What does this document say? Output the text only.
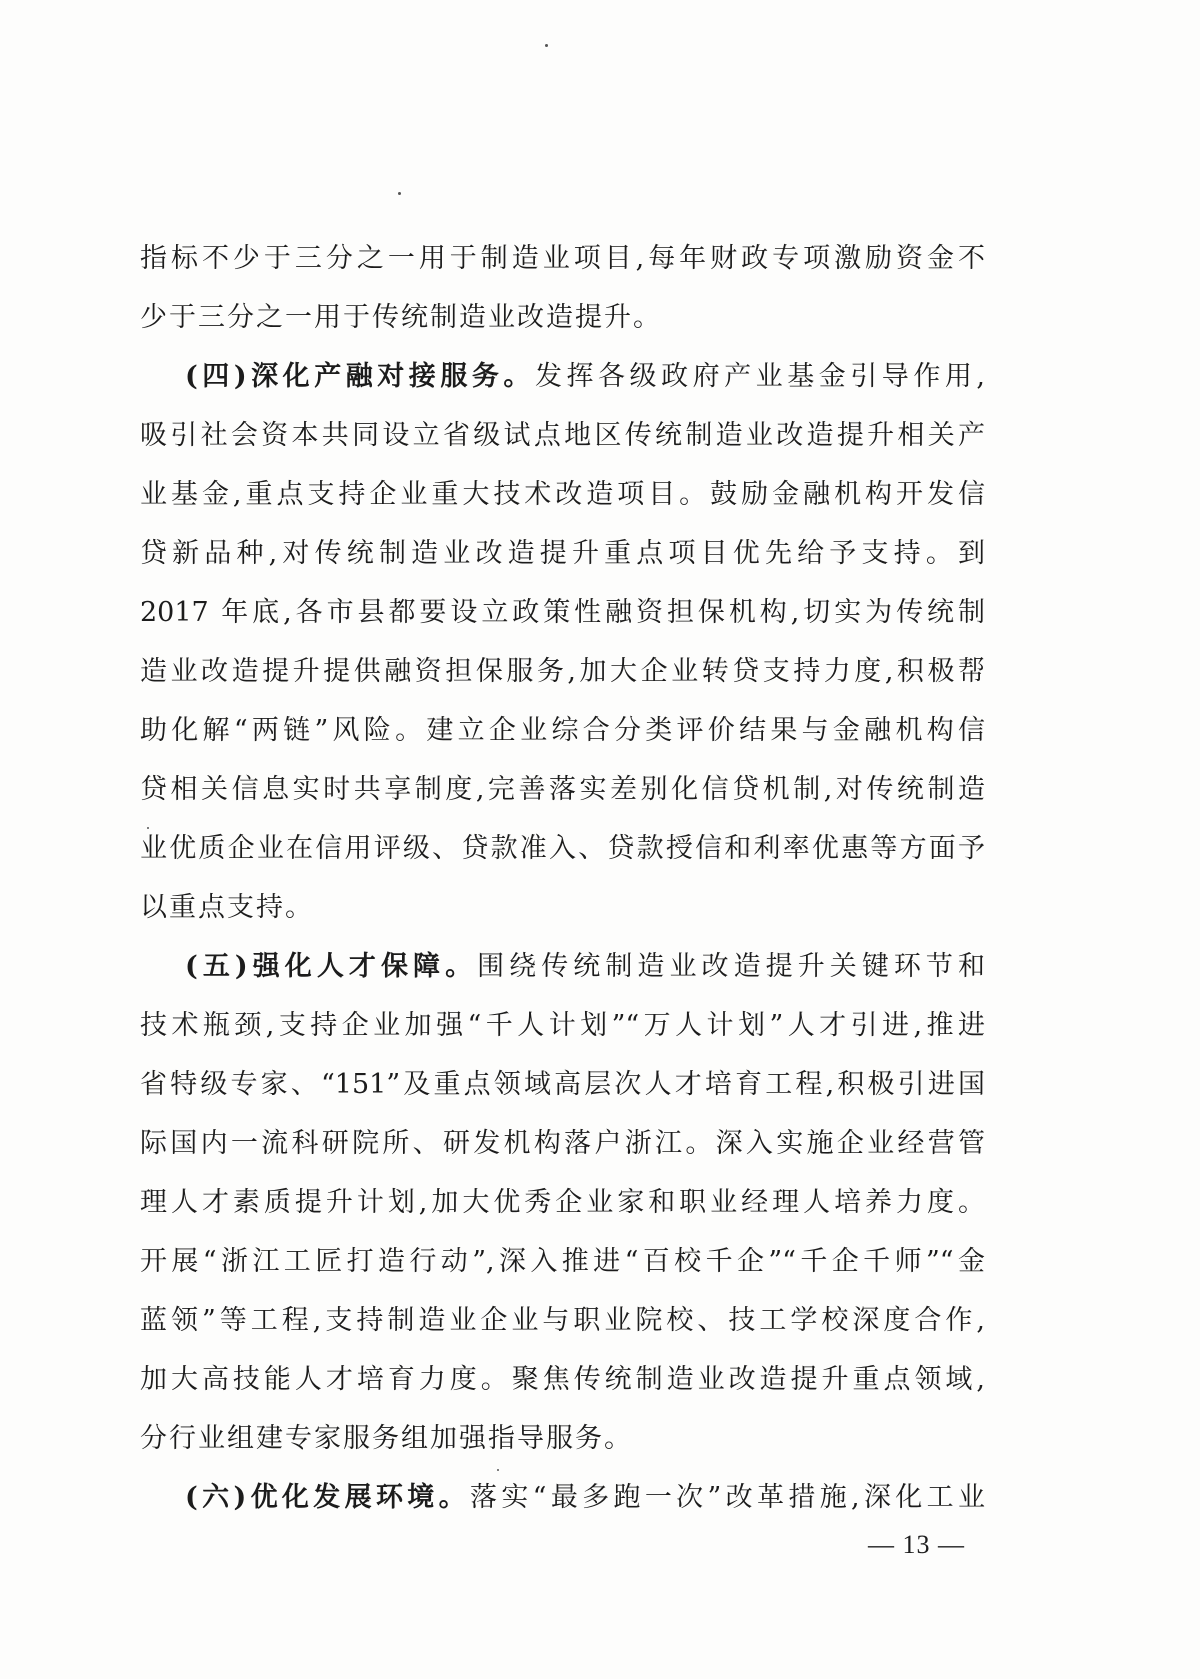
指标不少于三分之一用于制造业项目,每年财政专项激励资金不
少于三分之一用于传统制造业改造提升。
(四)深化产融对接服务。发挥各级政府产业基金引导作用,
吸引社会资本共同设立省级试点地区传统制造业改造提升相关产
业基金,重点支持企业重大技术改造项目。鼓励金融机构开发信
贷新品种,对传统制造业改造提升重点项目优先给予支持。到
2017 年底,各市县都要设立政策性融资担保机构,切实为传统制
造业改造提升提供融资担保服务,加大企业转贷支持力度,积极帮
助化解“两链”风险。建立企业综合分类评价结果与金融机构信
贷相关信息实时共享制度,完善落实差别化信贷机制,对传统制造
业优质企业在信用评级、贷款准入、贷款授信和利率优惠等方面予
以重点支持。
(五)强化人才保障。围绕传统制造业改造提升关键环节和
技术瓶颈,支持企业加强“千人计划”“万人计划”人才引进,推进
省特级专家、“151”及重点领域高层次人才培育工程,积极引进国
际国内一流科研院所、研发机构落户浙江。深入实施企业经营管
理人才素质提升计划,加大优秀企业家和职业经理人培养力度。
开展“浙江工匠打造行动”,深入推进“百校千企”“千企千师”“金
蓝领”等工程,支持制造业企业与职业院校、技工学校深度合作,
加大高技能人才培育力度。聚焦传统制造业改造提升重点领域,
分行业组建专家服务组加强指导服务。
(六)优化发展环境。落实“最多跑一次”改革措施,深化工业
— 13 —
